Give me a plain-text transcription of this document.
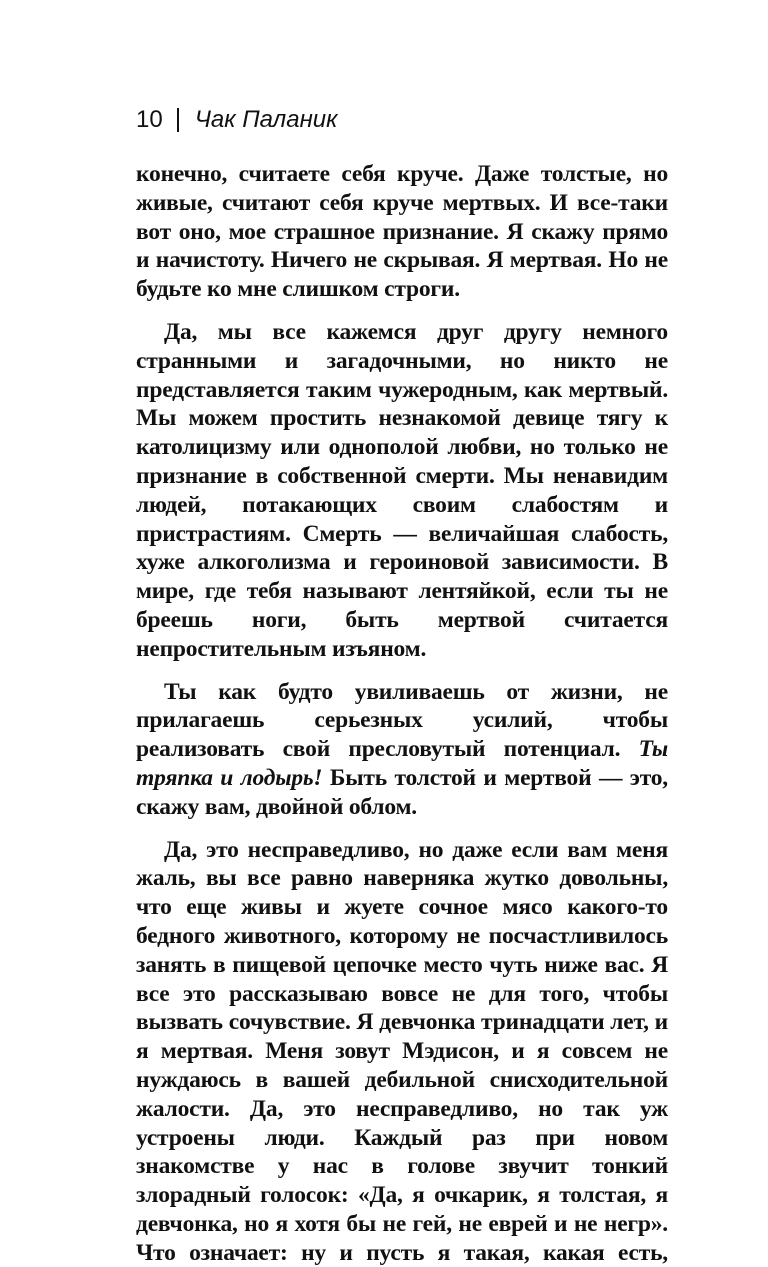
10 Чак Паланик

конечно, считаете себя круче. Даже толстые, но живые, считают себя круче мертвых. И все-таки вот оно, мое страшное признание. Я скажу прямо и начистоту. Ничего не скрывая. Я мертвая. Но не будьте ко мне слишком строги.

Да, мы все кажемся друг другу немного странными и загадочными, но никто не представляется таким чужеродным, как мертвый. Мы можем простить незнакомой девице тягу к католицизму или однополой любви, но только не признание в собственной смерти. Мы ненавидим людей, потакающих своим слабостям и пристрастиям. Смерть — величайшая слабость, хуже алкоголизма и героиновой зависимости. В мире, где тебя называют лентяйкой, если ты не бреешь ноги, быть мертвой считается непростительным изъяном.

Ты как будто увиливаешь от жизни, не прилагаешь серьезных усилий, чтобы реализовать свой пресловутый потенциал. Ты тряпка и лодырь! Быть толстой и мертвой — это, скажу вам, двойной облом.

Да, это несправедливо, но даже если вам меня жаль, вы все равно наверняка жутко довольны, что еще живы и жуете сочное мясо какого-то бедного животного, которому не посчастливилось занять в пищевой цепочке место чуть ниже вас. Я все это рассказываю вовсе не для того, чтобы вызвать сочувствие. Я девчонка тринадцати лет, и я мертвая. Меня зовут Мэдисон, и я совсем не нуждаюсь в вашей дебильной снисходительной жалости. Да, это несправедливо, но так уж устроены люди. Каждый раз при новом знакомстве у нас в голове звучит тонкий злорадный голосок: «Да, я очкарик, я толстая, я девчонка, но я хотя бы не гей, не еврей и не негр». Что означает: ну и пусть я такая, какая есть,
